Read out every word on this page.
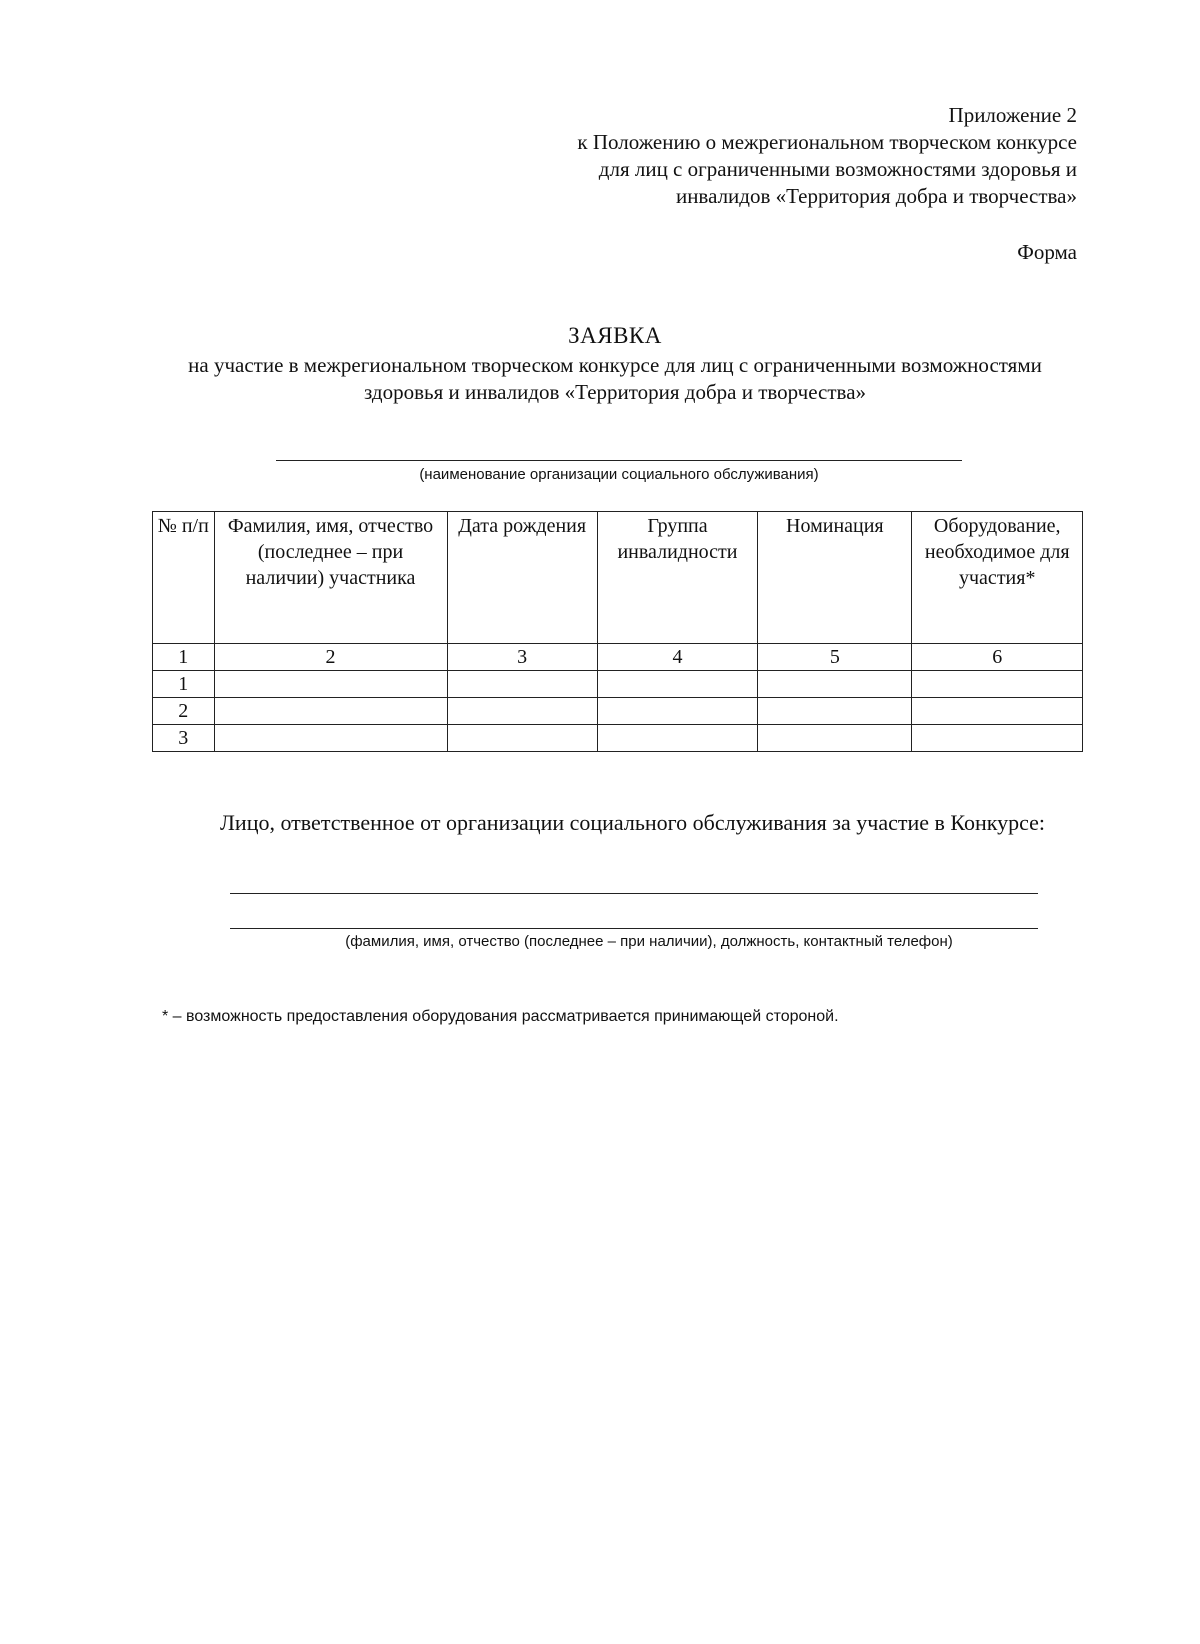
Приложение 2
к Положению о межрегиональном творческом конкурсе
для лиц с ограниченными возможностями здоровья и
инвалидов «Территория добра и творчества»
Форма
ЗАЯВКА
на участие в межрегиональном творческом конкурсе для лиц с ограниченными возможностями здоровья и инвалидов «Территория добра и творчества»
(наименование организации социального обслуживания)
№ п/п	Фамилия, имя, отчество (последнее – при наличии) участника	Дата рождения	Группа инвалидности	Номинация	Оборудование, необходимое для участия*
1	2	3	4	5	6
1					
2					
3					
Лицо, ответственное от организации социального обслуживания за участие в Конкурсе:
(фамилия, имя, отчество (последнее – при наличии), должность, контактный телефон)
* – возможность предоставления оборудования рассматривается принимающей стороной.
